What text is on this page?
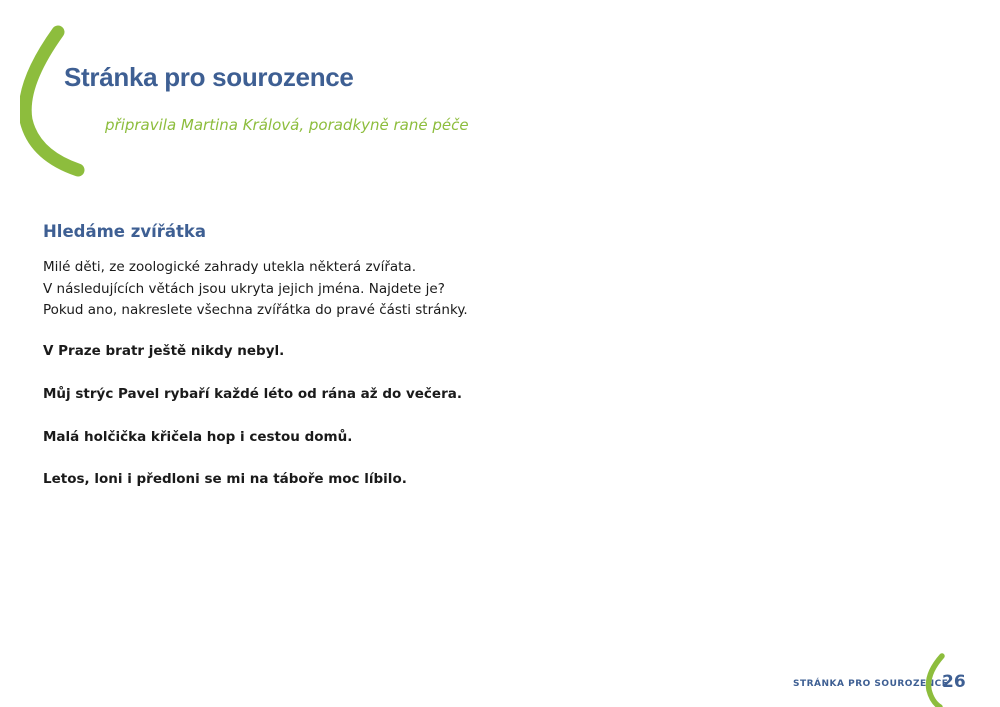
Stránka pro sourozence
připravila Martina Králová, poradkyně rané péče
Hledáme zvířátka
Milé děti, ze zoologické zahrady utekla některá zvířata.
V následujících větách jsou ukryta jejich jména. Najdete je?
Pokud ano, nakreslete všechna zvířátka do pravé části stránky.
V Praze bratr ještě nikdy nebyl.
Můj strýc Pavel rybaří každé léto od rána až do večera.
Malá holčička křičela hop i cestou domů.
Letos, loni i předloni se mi na táboře moc líbilo.
STRÁNKA PRO SOUROZENCE
26
